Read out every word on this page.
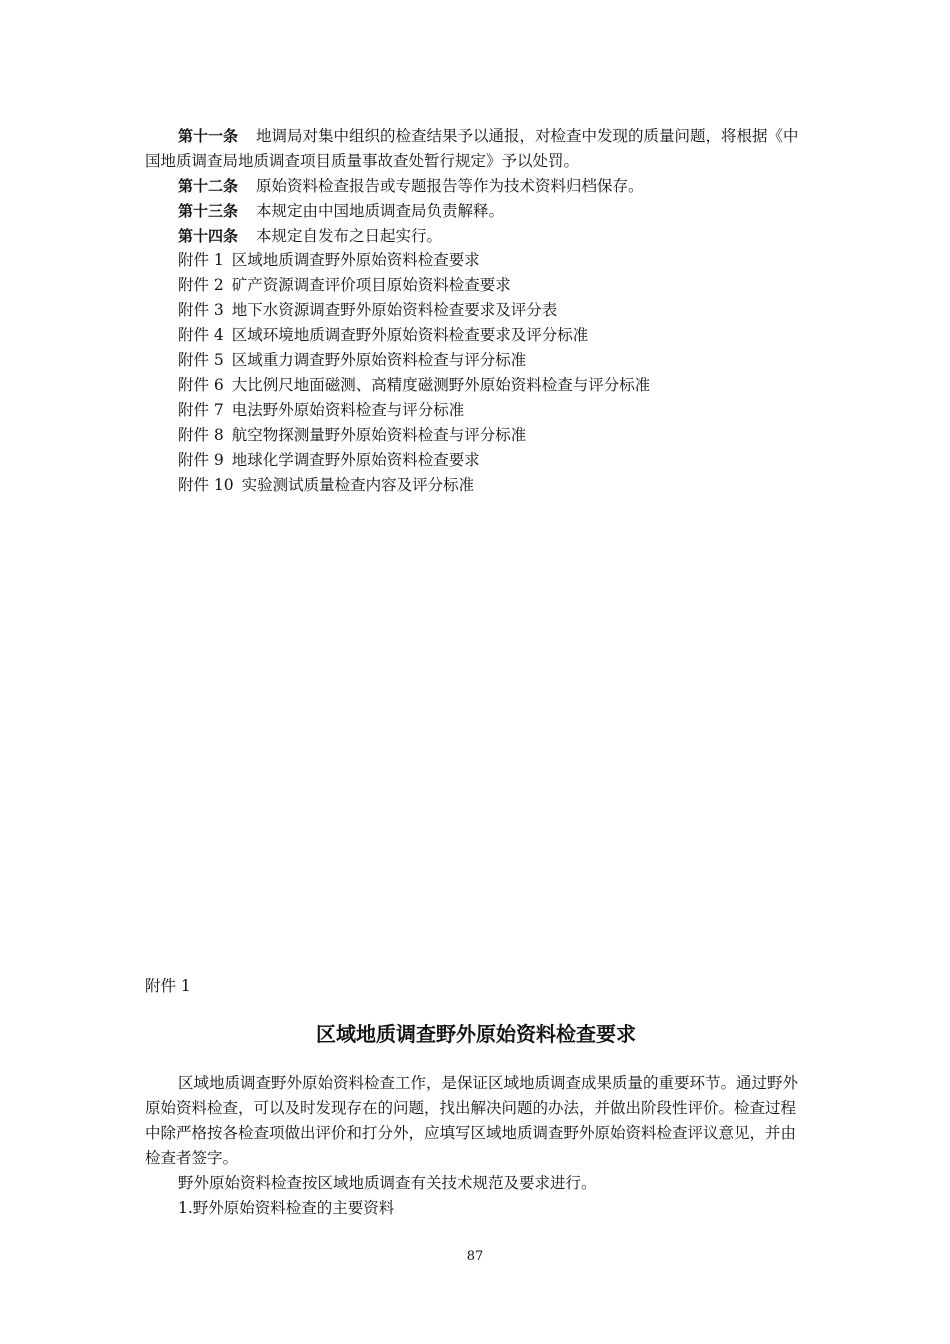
第十一条 地调局对集中组织的检查结果予以通报，对检查中发现的质量问题，将根据《中国地质调查局地质调查项目质量事故查处暂行规定》予以处罚。

第十二条 原始资料检查报告或专题报告等作为技术资料归档保存。

第十三条 本规定由中国地质调查局负责解释。

第十四条 本规定自发布之日起实行。

附件 1 区域地质调查野外原始资料检查要求

附件 2 矿产资源调查评价项目原始资料检查要求

附件 3 地下水资源调查野外原始资料检查要求及评分表

附件 4 区域环境地质调查野外原始资料检查要求及评分标准

附件 5 区域重力调查野外原始资料检查与评分标准

附件 6 大比例尺地面磁测、高精度磁测野外原始资料检查与评分标准

附件 7 电法野外原始资料检查与评分标准

附件 8 航空物探测量野外原始资料检查与评分标准

附件 9 地球化学调查野外原始资料检查要求

附件 10 实验测试质量检查内容及评分标准

附件 1
区域地质调查野外原始资料检查要求

区域地质调查野外原始资料检查工作，是保证区域地质调查成果质量的重要环节。通过野外原始资料检查，可以及时发现存在的问题，找出解决问题的办法，并做出阶段性评价。检查过程中除严格按各检查项做出评价和打分外，应填写区域地质调查野外原始资料检查评议意见，并由检查者签字。

野外原始资料检查按区域地质调查有关技术规范及要求进行。

1.野外原始资料检查的主要资料

87
